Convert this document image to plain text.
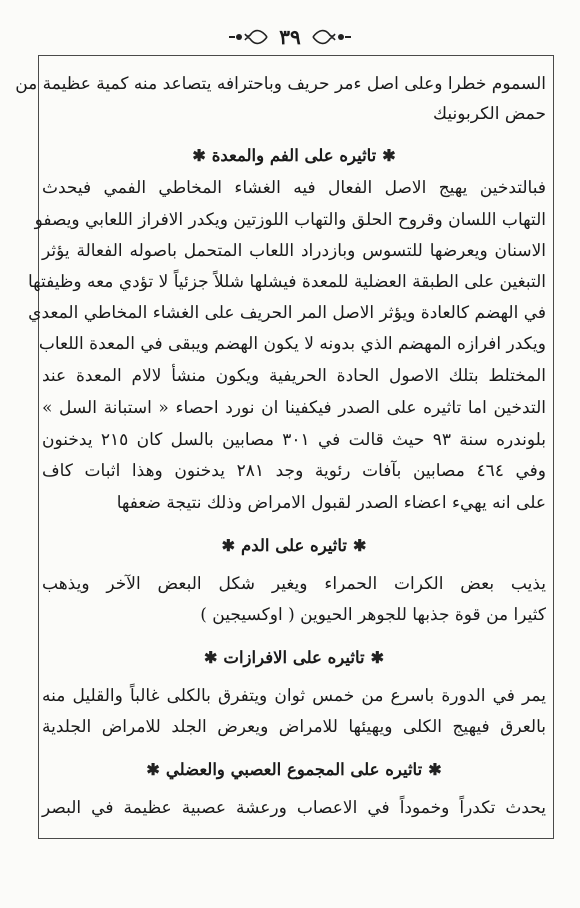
٣٩
السموم خطرا وعلى اصل ءمر حريف وباحترافه يتصاعد منه كمية عظيمة من
حمض الكربونيك
✱
تاثيره على الفم والمعدة
✱
فبالتدخين يهيج الاصل الفعال فيه الغشاء المخاطي الفمي فيحدث
التهاب اللسان وقروح الحلق والتهاب اللوزتين ويكدر الافراز اللعابي ويصفو
الاسنان ويعرضها للتسوس وبازدراد اللعاب المتحمل باصوله الفعالة يؤثر
التبغين على الطبقة العضلية للمعدة فيشلها شللاً جزئياً لا تؤدي معه وظيفتها
في الهضم كالعادة ويؤثر الاصل المر الحريف على الغشاء المخاطي المعدي
ويكدر افرازه المهضم الذي بدونه لا يكون الهضم ويبقى في المعدة اللعاب
المختلط بتلك الاصول الحادة الحريفية ويكون منشأ لالام المعدة عند
التدخين اما تاثيره على الصدر فيكفينا ان نورد احصاء « استبانة السل »
بلوندره سنة ٩٣ حيث قالت في ٣٠١ مصابين بالسل كان ٢١٥ يدخنون
وفي ٤٦٤ مصابين بآفات رئوية وجد ٢٨١ يدخنون وهذا اثبات كاف
على انه يهيء اعضاء الصدر لقبول الامراض وذلك نتيجة ضعفها
✱
تاثيره على الدم
✱
يذيب بعض الكرات الحمراء ويغير شكل البعض الآخر ويذهب
كثيرا من قوة جذبها للجوهر الحيوين ( اوكسيجين )
✱
تاثيره على الافرازات
✱
يمر في الدورة باسرع من خمس ثوان ويتفرق بالكلى غالباً والقليل منه
بالعرق فيهيج الكلى ويهيئها للامراض ويعرض الجلد للامراض الجلدية
✱
تاثيره على المجموع العصبي والعضلي
✱
يحدث تكدراً وخموداً في الاعصاب ورعشة عصبية عظيمة في البصر
